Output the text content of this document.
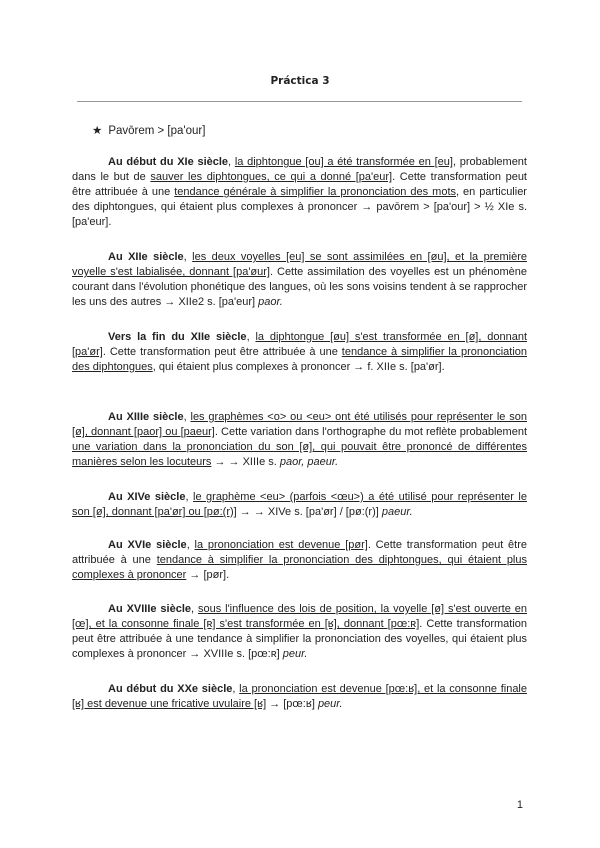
Práctica 3
★ Pavōrem > [pa'our]

Au début du XIe siècle, la diphtongue [ou] a été transformée en [eu], probablement dans le but de sauver les diphtongues, ce qui a donné [pa'eur]. Cette transformation peut être attribuée à une tendance générale à simplifier la prononciation des mots, en particulier des diphtongues, qui étaient plus complexes à prononcer → pavōrem > [pa'our] > ½ XIe s. [pa'eur].

Au XIIe siècle, les deux voyelles [eu] se sont assimilées en [øu], et la première voyelle s'est labialisée, donnant [pa'øur]. Cette assimilation des voyelles est un phénomène courant dans l'évolution phonétique des langues, où les sons voisins tendent à se rapprocher les uns des autres → XIIe2 s. [pa'eur] paor.

Vers la fin du XIIe siècle, la diphtongue [øu] s'est transformée en [ø], donnant [pa'ør]. Cette transformation peut être attribuée à une tendance à simplifier la prononciation des diphtongues, qui étaient plus complexes à prononcer → f. XIIe s. [pa'ør].

Au XIIIe siècle, les graphèmes <o> ou <eu> ont été utilisés pour représenter le son [ø], donnant [paor] ou [paeur]. Cette variation dans l'orthographe du mot reflète probablement une variation dans la prononciation du son [ø], qui pouvait être prononcé de différentes manières selon les locuteurs → → XIIIe s. paor, paeur.

Au XIVe siècle, le graphème <eu> (parfois <œu>) a été utilisé pour représenter le son [ø], donnant [pa'ør] ou [pø:(r)] → → XIVe s. [pa'ør] / [pø:(r)] paeur.

Au XVIe siècle, la prononciation est devenue [pør]. Cette transformation peut être attribuée à une tendance à simplifier la prononciation des diphtongues, qui étaient plus complexes à prononcer → [pør].

Au XVIIIe siècle, sous l'influence des lois de position, la voyelle [ø] s'est ouverte en [œ], et la consonne finale [ʀ] s'est transformée en [ʁ], donnant [pœ:ʀ]. Cette transformation peut être attribuée à une tendance à simplifier la prononciation des voyelles, qui étaient plus complexes à prononcer → XVIIIe s. [pœ:ʀ] peur.

Au début du XXe siècle, la prononciation est devenue [pœ:ʁ], et la consonne finale [ʁ] est devenue une fricative uvulaire [ʁ] → [pœ:ʁ] peur.

1
